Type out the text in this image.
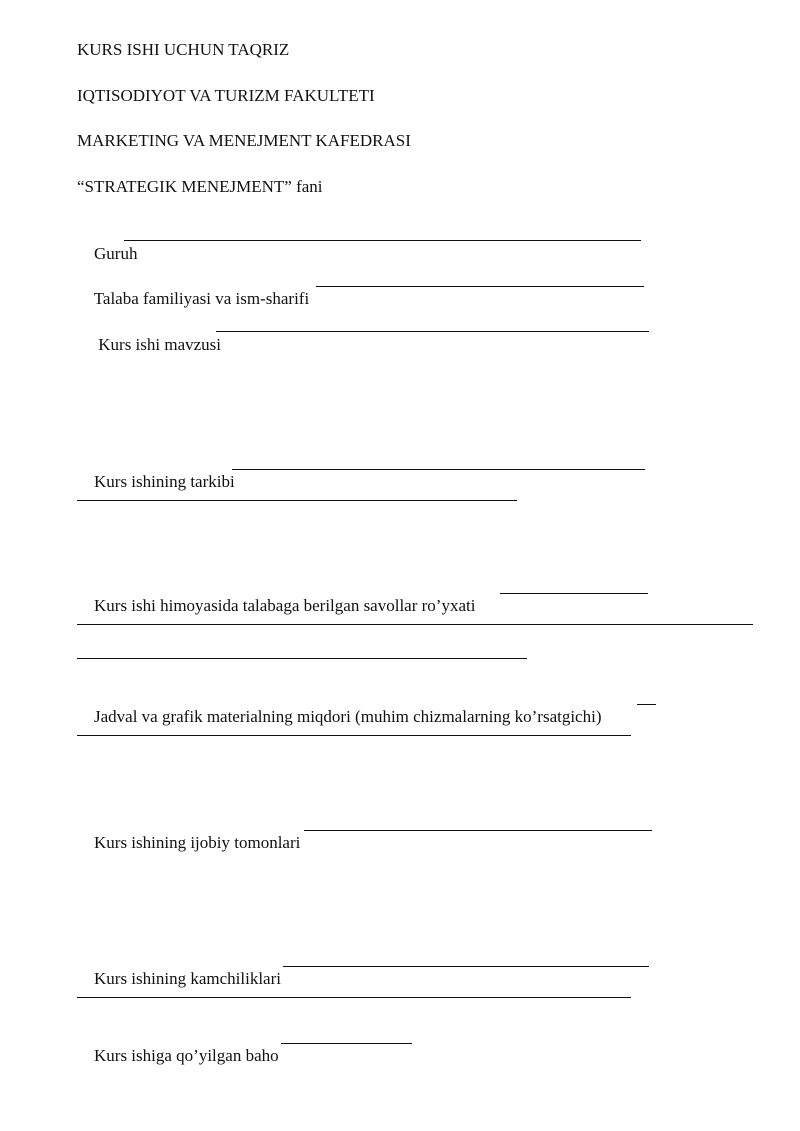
KURS ISHI UCHUN TAQRIZ
IQTISODIYOT VA TURIZM FAKULTETI
MARKETING VA MENEJMENT KAFEDRASI
“STRATEGIK MENEJMENT” fani

Guruh

Talaba familiyasi va ism-sharifi

Kurs ishi mavzusi

Kurs ishining tarkibi

Kurs ishi himoyasida talabaga berilgan savollar ro’yxati

Jadval va grafik materialning miqdori (muhim chizmalarning ko’rsatgichi)

Kurs ishining ijobiy tomonlari

Kurs ishining kamchiliklari

Kurs ishiga qo’yilgan baho
